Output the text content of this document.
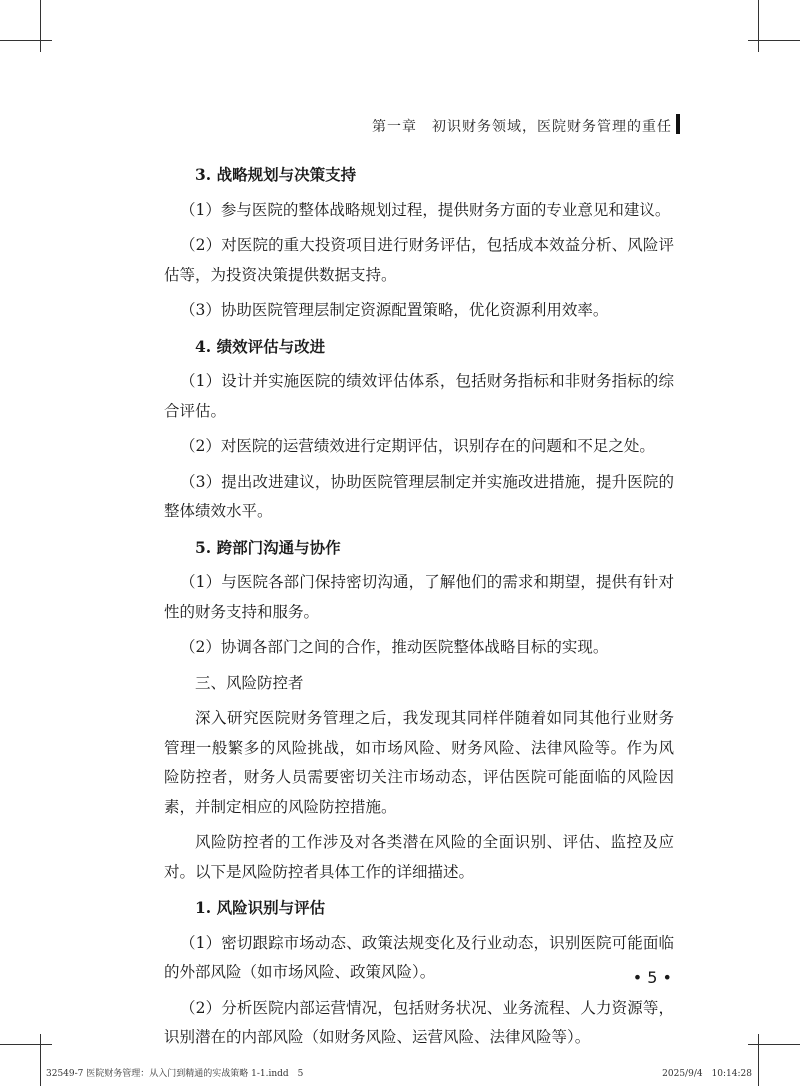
第一章　初识财务领域，医院财务管理的重任

3. 战略规划与决策支持

（1）参与医院的整体战略规划过程，提供财务方面的专业意见和建议。

（2）对医院的重大投资项目进行财务评估，包括成本效益分析、风险评估等，为投资决策提供数据支持。

（3）协助医院管理层制定资源配置策略，优化资源利用效率。

4. 绩效评估与改进

（1）设计并实施医院的绩效评估体系，包括财务指标和非财务指标的综合评估。

（2）对医院的运营绩效进行定期评估，识别存在的问题和不足之处。

（3）提出改进建议，协助医院管理层制定并实施改进措施，提升医院的整体绩效水平。

5. 跨部门沟通与协作

（1）与医院各部门保持密切沟通，了解他们的需求和期望，提供有针对性的财务支持和服务。

（2）协调各部门之间的合作，推动医院整体战略目标的实现。

三、风险防控者

深入研究医院财务管理之后，我发现其同样伴随着如同其他行业财务管理一般繁多的风险挑战，如市场风险、财务风险、法律风险等。作为风险防控者，财务人员需要密切关注市场动态，评估医院可能面临的风险因素，并制定相应的风险防控措施。

风险防控者的工作涉及对各类潜在风险的全面识别、评估、监控及应对。以下是风险防控者具体工作的详细描述。

1. 风险识别与评估

（1）密切跟踪市场动态、政策法规变化及行业动态，识别医院可能面临的外部风险（如市场风险、政策风险）。

（2）分析医院内部运营情况，包括财务状况、业务流程、人力资源等，识别潜在的内部风险（如财务风险、运营风险、法律风险等）。

• 5 •
32549-7 医院财务管理：从入门到精通的实战策略 1-1.indd　5	2025/9/4　10:14:28
